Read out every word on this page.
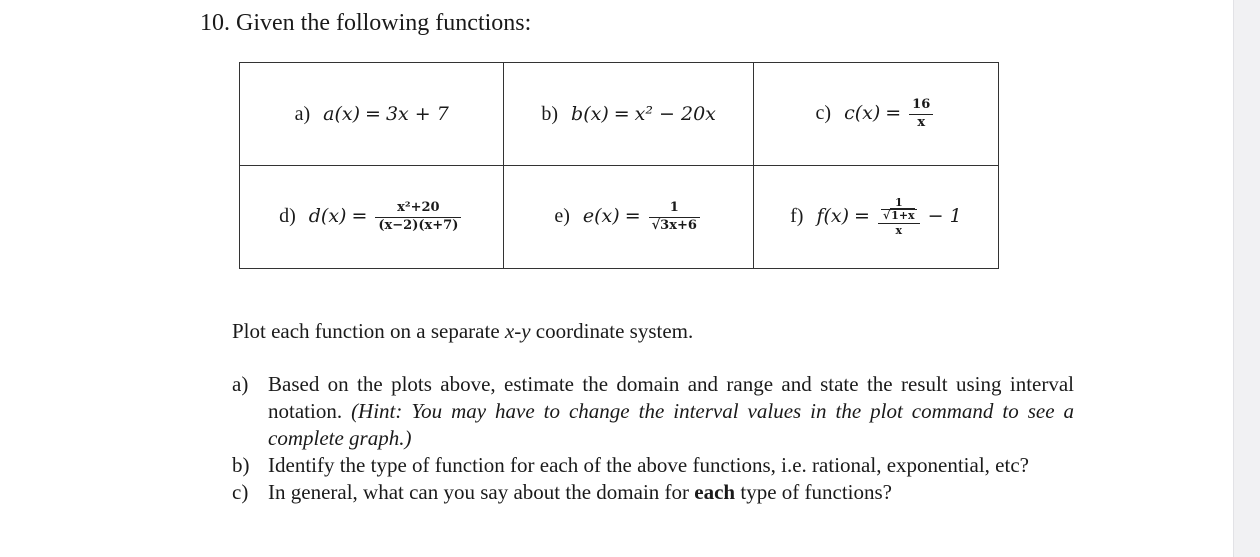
10. Given the following functions:
a) a(x) = 3x + 7	b) b(x) = x² − 20x	c) $c(x) = \frac{16}{x}$

d) $d(x) = \frac{\text{x²+20}}{(x-2)(x+7)}$	e) $e(x) = \frac{1}{√3x+6}$	f) $f(x) = \frac{\frac{1}{√1+x}}{x} - 1$
Plot each function on a separate x-y coordinate system.
a) Based on the plots above, estimate the domain and range and state the result using interval notation. (Hint: You may have to change the interval values in the plot command to see a complete graph.)
b) Identify the type of function for each of the above functions, i.e. rational, exponential, etc?
c) In general, what can you say about the domain for each type of functions?
